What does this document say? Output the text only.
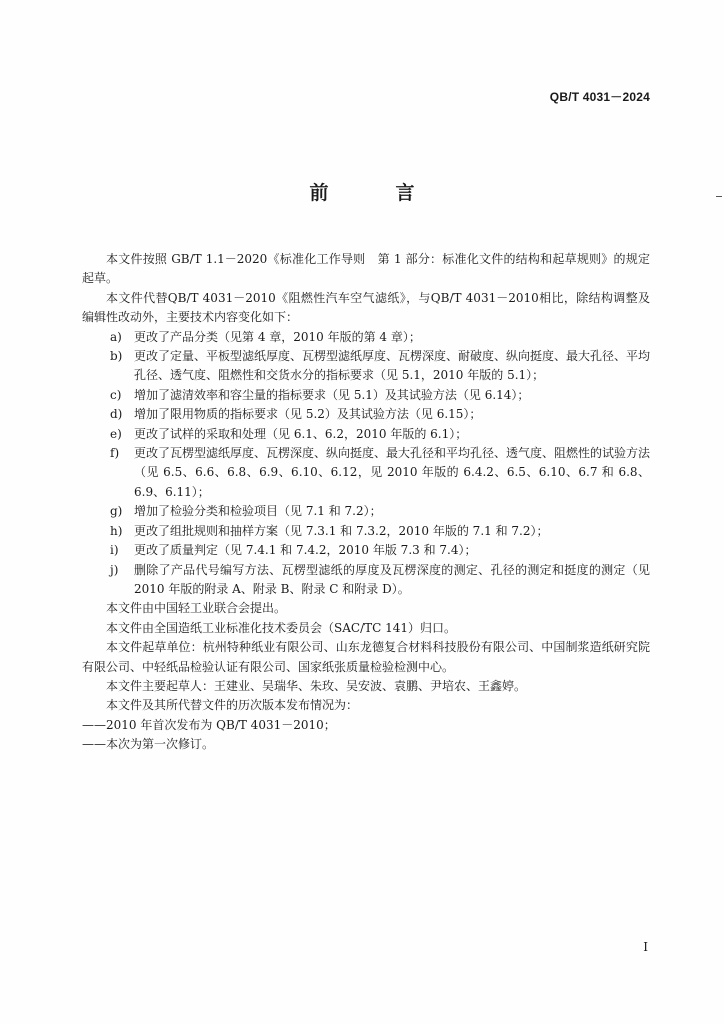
QB/T 4031－2024
前　言

本文件按照 GB/T 1.1－2020《标准化工作导则　第 1 部分：标准化文件的结构和起草规则》的规定起草。

本文件代替QB/T 4031－2010《阻燃性汽车空气滤纸》，与QB/T 4031－2010相比，除结构调整及编辑性改动外，主要技术内容变化如下：

a)	更改了产品分类（见第 4 章，2010 年版的第 4 章）；
b) 更改了定量、平板型滤纸厚度、瓦楞型滤纸厚度、瓦楞深度、耐破度、纵向挺度、最大孔径、平均孔径、透气度、阻燃性和交货水分的指标要求（见 5.1，2010 年版的 5.1）；
c)	增加了滤清效率和容尘量的指标要求（见 5.1）及其试验方法（见 6.14）；
d) 增加了限用物质的指标要求（见 5.2）及其试验方法（见 6.15）；
e)	更改了试样的采取和处理（见 6.1、6.2，2010 年版的 6.1）；
f)	更改了瓦楞型滤纸厚度、瓦楞深度、纵向挺度、最大孔径和平均孔径、透气度、阻燃性的试验方法（见 6.5、6.6、6.8、6.9、6.10、6.12，见 2010 年版的 6.4.2、6.5、6.10、6.7 和 6.8、6.9、6.11）；
g) 增加了检验分类和检验项目（见 7.1 和 7.2）；
h) 更改了组批规则和抽样方案（见 7.3.1 和 7.3.2，2010 年版的 7.1 和 7.2）；
i)	更改了质量判定（见 7.4.1 和 7.4.2，2010 年版 7.3 和 7.4）；
j)	删除了产品代号编写方法、瓦楞型滤纸的厚度及瓦楞深度的测定、孔径的测定和挺度的测定（见 2010 年版的附录 A、附录 B、附录 C 和附录 D）。

本文件由中国轻工业联合会提出。

本文件由全国造纸工业标准化技术委员会（SAC/TC 141）归口。

本文件起草单位：杭州特种纸业有限公司、山东龙德复合材料科技股份有限公司、中国制浆造纸研究院有限公司、中轻纸品检验认证有限公司、国家纸张质量检验检测中心。

本文件主要起草人：王建业、吴瑞华、朱玫、吴安波、袁鹏、尹培农、王鑫婷。

本文件及其所代替文件的历次版本发布情况为：

——2010 年首次发布为 QB/T 4031－2010；

——本次为第一次修订。

I
